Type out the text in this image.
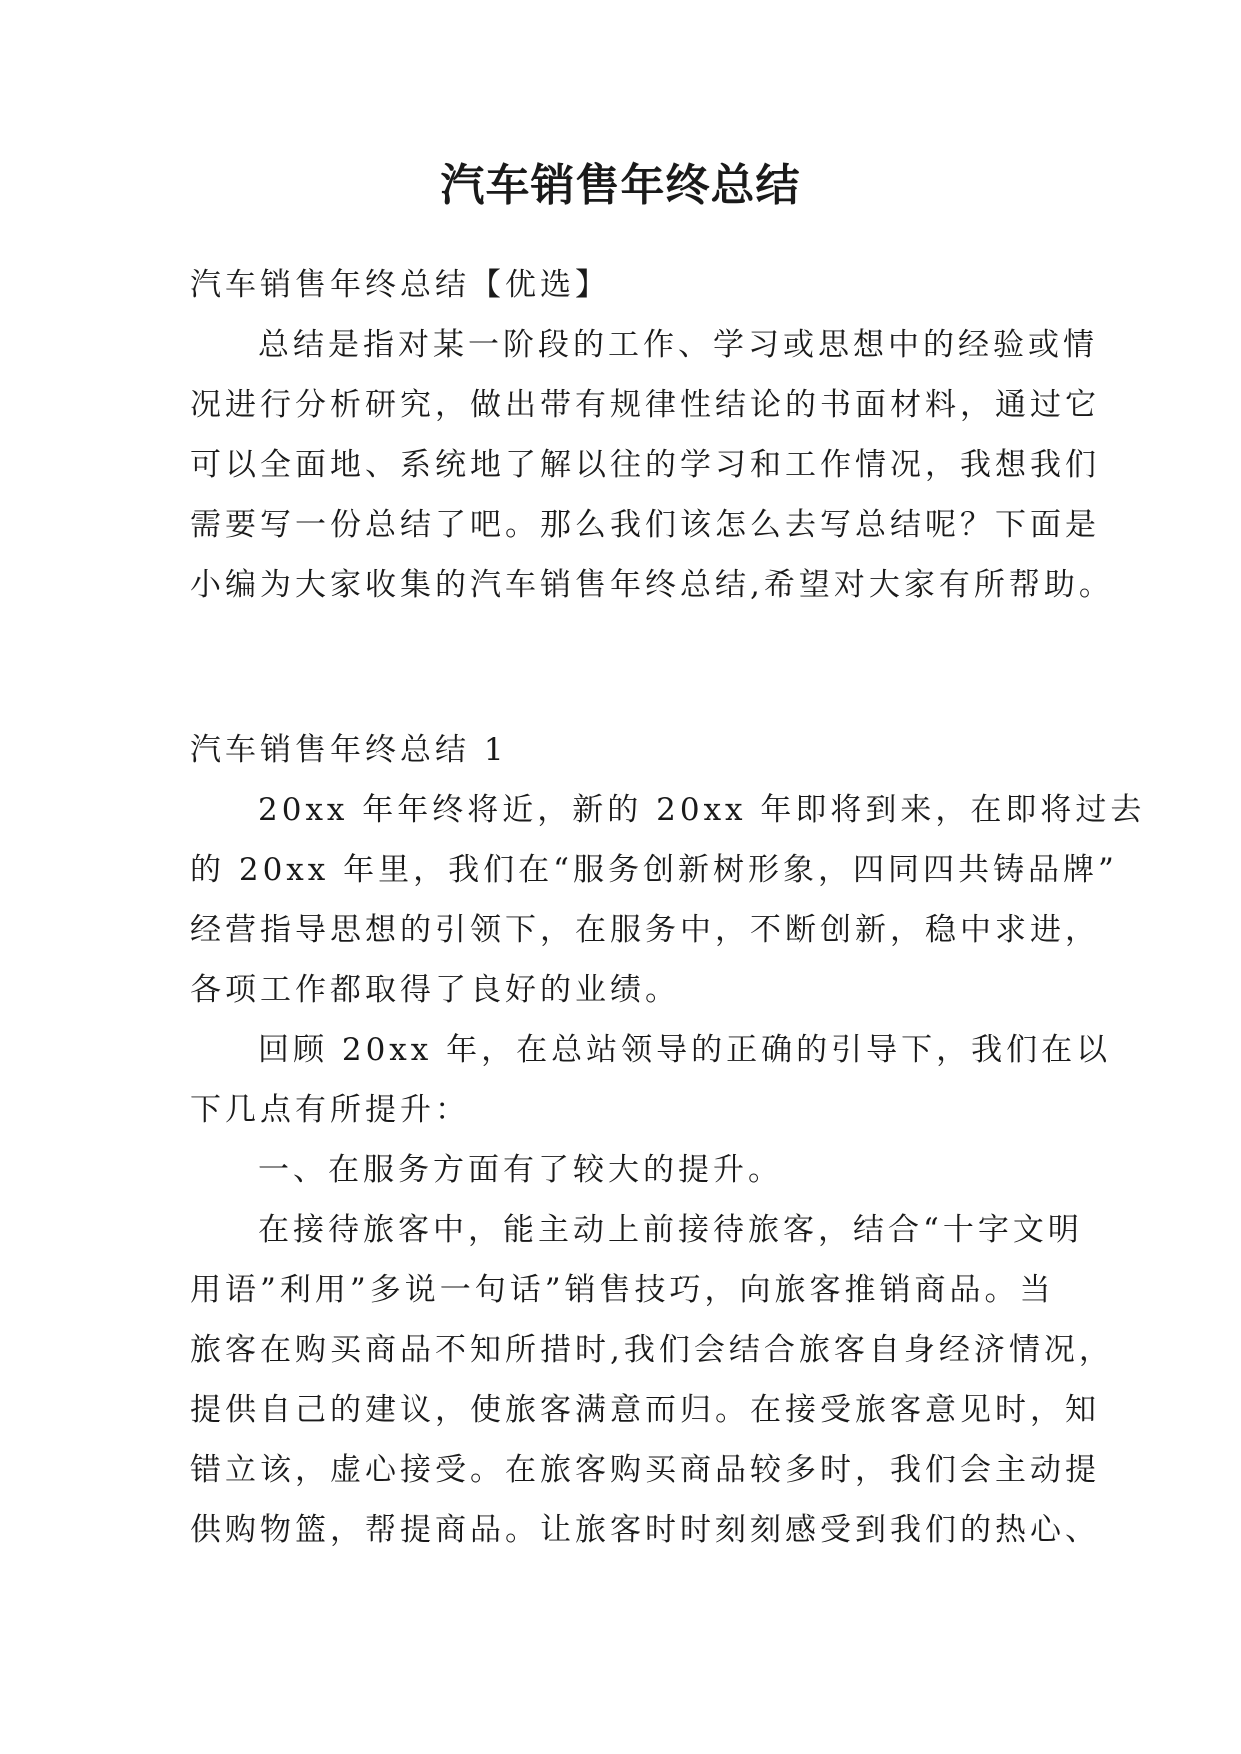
汽车销售年终总结
汽车销售年终总结【优选】
总结是指对某一阶段的工作、学习或思想中的经验或情
况进行分析研究，做出带有规律性结论的书面材料，通过它
可以全面地、系统地了解以往的学习和工作情况，我想我们
需要写一份总结了吧。那么我们该怎么去写总结呢？下面是
小编为大家收集的汽车销售年终总结,希望对大家有所帮助。
汽车销售年终总结 1
20xx 年年终将近，新的 20xx 年即将到来，在即将过去
的 20xx 年里，我们在“服务创新树形象，四同四共铸品牌”
经营指导思想的引领下，在服务中，不断创新，稳中求进，
各项工作都取得了良好的业绩。
回顾 20xx 年，在总站领导的正确的引导下，我们在以
下几点有所提升：
一、在服务方面有了较大的提升。
在接待旅客中，能主动上前接待旅客，结合“十字文明
用语”利用”多说一句话”销售技巧，向旅客推销商品。当
旅客在购买商品不知所措时,我们会结合旅客自身经济情况，
提供自己的建议，使旅客满意而归。在接受旅客意见时，知
错立该，虚心接受。在旅客购买商品较多时，我们会主动提
供购物篮，帮提商品。让旅客时时刻刻感受到我们的热心、
